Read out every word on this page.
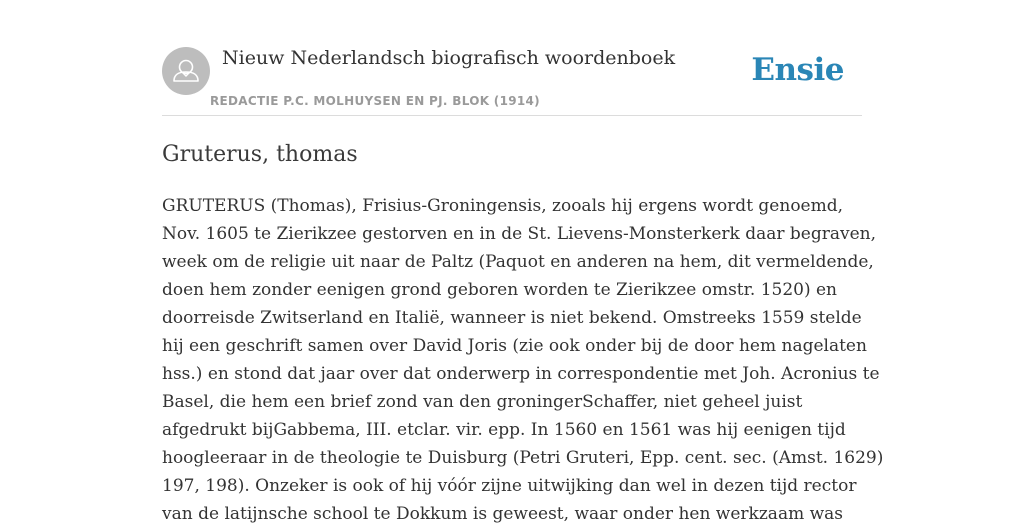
Nieuw Nederlandsch biografisch woordenboek
REDACTIE P.C. MOLHUYSEN EN PJ. BLOK (1914)
Ensie
Gruterus, thomas
GRUTERUS (Thomas), Frisius-Groningensis, zooals hij ergens wordt genoemd,
Nov. 1605 te Zierikzee gestorven en in de St. Lievens-Monsterkerk daar begraven,
week om de religie uit naar de Paltz (Paquot en anderen na hem, dit vermeldende,
doen hem zonder eenigen grond geboren worden te Zierikzee omstr. 1520) en
doorreisde Zwitserland en Italië, wanneer is niet bekend. Omstreeks 1559 stelde
hij een geschrift samen over David Joris (zie ook onder bij de door hem nagelaten
hss.) en stond dat jaar over dat onderwerp in correspondentie met Joh. Acronius te
Basel, die hem een brief zond van den groningerSchaffer, niet geheel juist
afgedrukt bijGabbema, III. etclar. vir. epp. In 1560 en 1561 was hij eenigen tijd
hoogleeraar in de theologie te Duisburg (Petri Gruteri, Epp. cent. sec. (Amst. 1629)
197, 198). Onzeker is ook of hij vóór zijne uitwijking dan wel in dezen tijd rector
van de latijnsche school te Dokkum is geweest, waar onder hen werkzaam was
